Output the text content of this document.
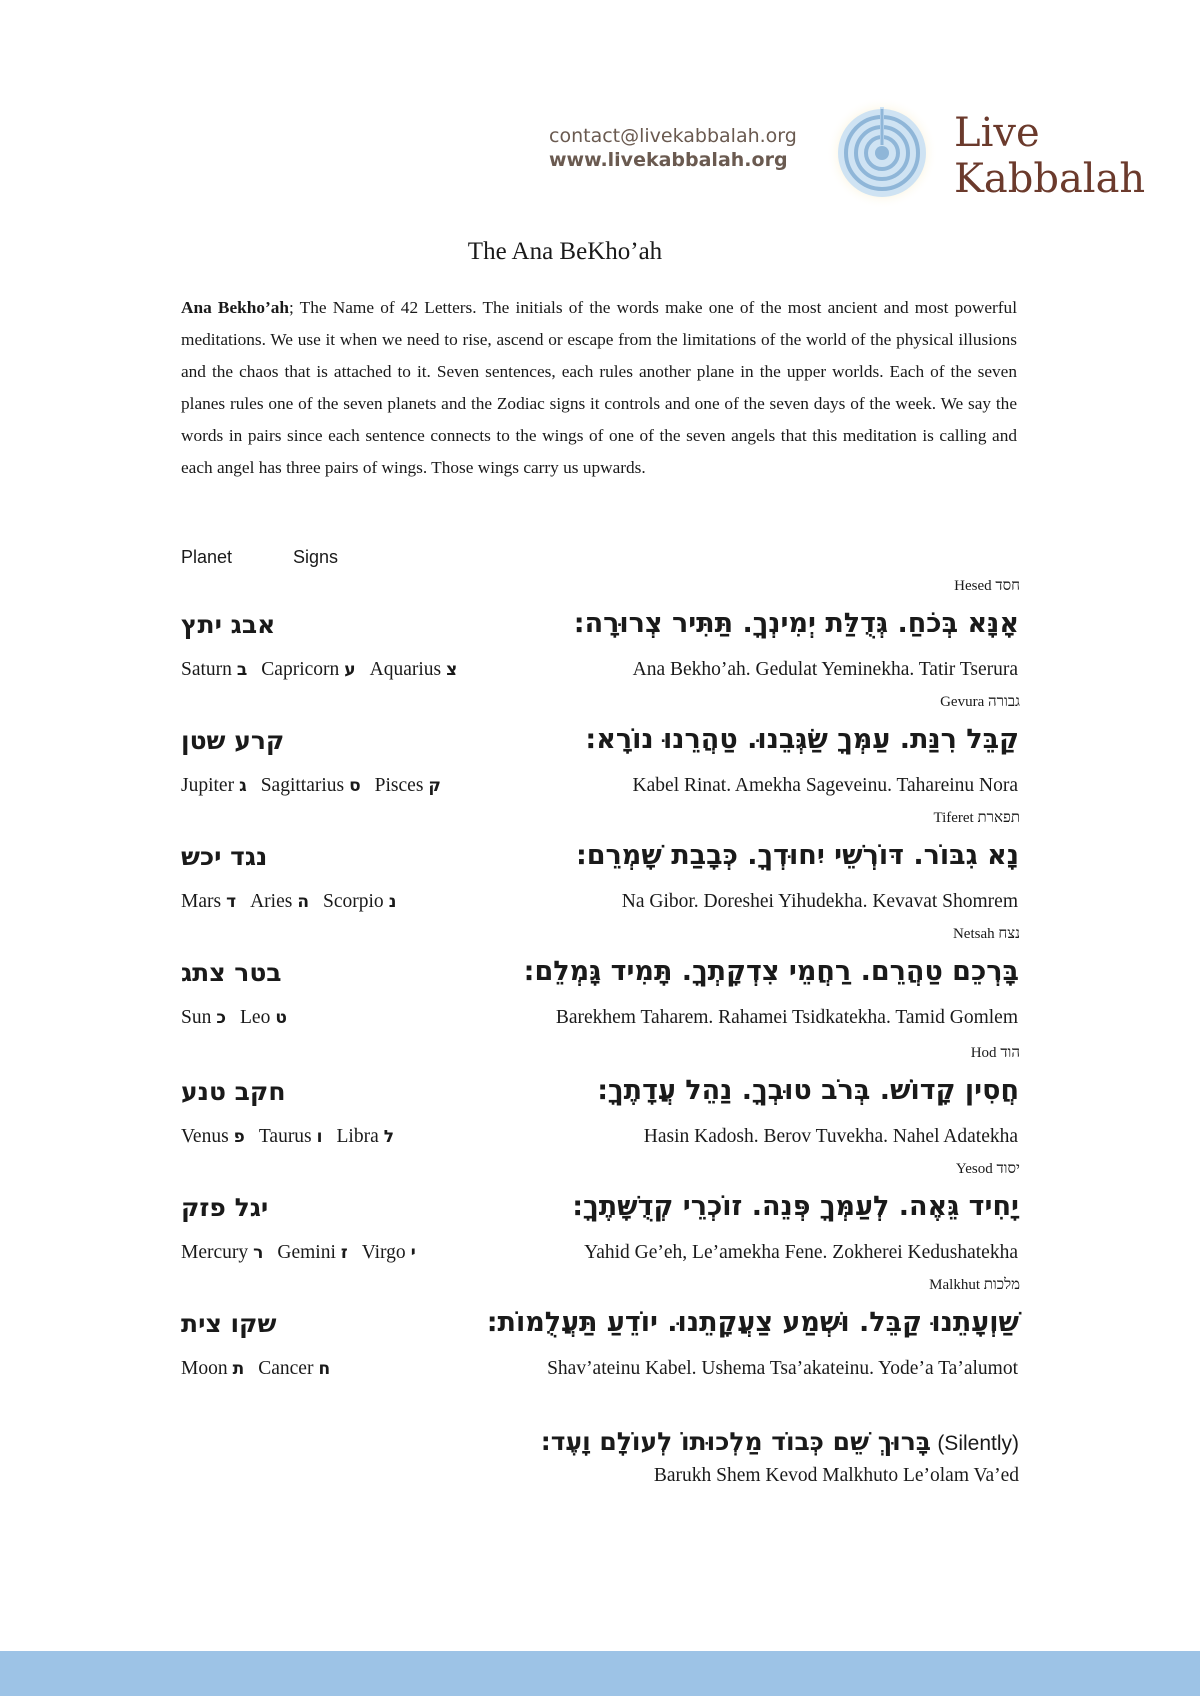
contact@livekabbalah.org
www.livekabbalah.org
Live
Kabbalah
The Ana BeKho’ah
Ana Bekho’ah; The Name of 42 Letters. The initials of the words make one of the most ancient and most powerful meditations. We use it when we need to rise, ascend or escape from the limitations of the world of the physical illusions and the chaos that is attached to it. Seven sentences, each rules another plane in the upper worlds. Each of the seven planes rules one of the seven planets and the Zodiac signs it controls and one of the seven days of the week. We say the words in pairs since each sentence connects to the wings of one of the seven angels that this meditation is calling and each angel has three pairs of wings. Those wings carry us upwards.
Planet	Signs
Hesed חסד
אָנָּא בְּכֹחַ. גְּדֻלַּת יְמִינְךָ. תַּתִּיר צְרוּרָה:
אבג יתץ
Ana Bekho’ah. Gedulat Yeminekha. Tatir Tserura
Saturn ב Capricorn ע Aquarius צ
Gevura גבורה
קַבֵּל רִנַּת. עַמְּךָ שַׂגְּבֵנוּ. טַהֲרֵנוּ נוֹרָא:
קרע שטן
Kabel Rinat. Amekha Sageveinu. Tahareinu Nora
Jupiter ג Sagittarius ס Pisces ק
Tiferet תפארת
נָא גִבּוֹר. דּוֹרְשֵׁי יִחוּדְךָ. כְּבָבַת שָׁמְרֵם:
נגד יכש
Na Gibor. Doreshei Yihudekha. Kevavat Shomrem
Mars ד Aries ה Scorpio נ
Netsah נצח
בָּרְכֵם טַהֲרֵם. רַחֲמֵי צִדְקָתְךָ. תָּמִיד גָּמְלֵם:
בטר צתג
Barekhem Taharem. Rahamei Tsidkatekha. Tamid Gomlem
Sun כ Leo ט
Hod הוד
חֲסִין קָדוֹשׁ. בְּרֹב טוּבְךָ. נַהֵל עֲדָתֶךָ:
חקב טנע
Hasin Kadosh. Berov Tuvekha. Nahel Adatekha
Venus פ Taurus ו Libra ל
Yesod יסוד
יָחִיד גֵּאֶה. לְעַמְּךָ פְּנֵה. זוֹכְרֵי קְדֻשָּׁתֶךָ:
יגל פזק
Yahid Ge’eh, Le’amekha Fene. Zokherei Kedushatekha
Mercury ר Gemini ז Virgo י
Malkhut מלכות
שַׁוְעָתֵנוּ קַבֵּל. וּשְׁמַע צַעֲקָתֵנוּ. יוֹדֵעַ תַּעֲלֻמוֹת:
שקו צית
Shav’ateinu Kabel. Ushema Tsa’akateinu. Yode’a Ta’alumot
Moon ת Cancer ח
בָּרוּךְ שֵׁם כְּבוֹד מַלְכוּתוֹ לְעוֹלָם וָעֶד: (Silently)
Barukh Shem Kevod Malkhuto Le’olam Va’ed
